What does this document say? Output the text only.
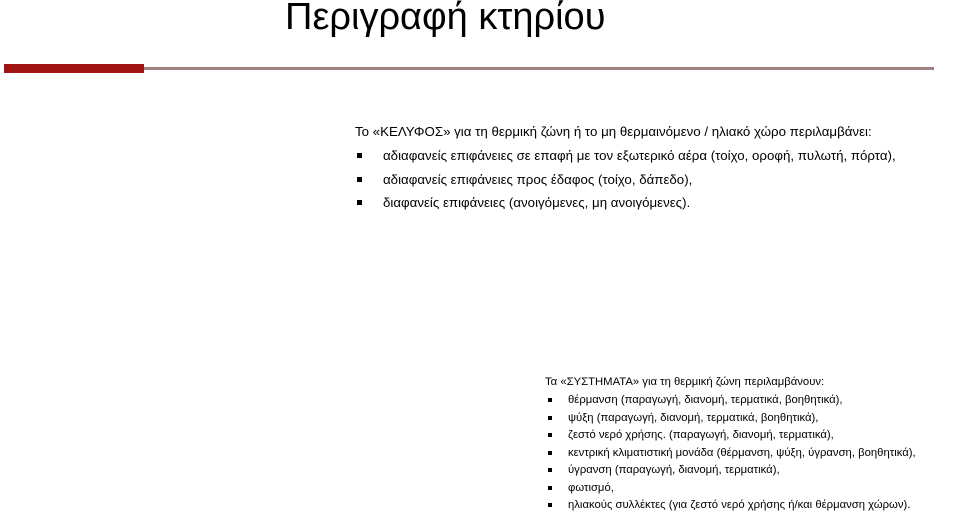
Περιγραφή κτηρίου
Το «ΚΕΛΥΦΟΣ» για τη θερμική ζώνη ή το μη θερμαινόμενο / ηλιακό χώρο περιλαμβάνει:
αδιαφανείς επιφάνειες σε επαφή με τον εξωτερικό αέρα (τοίχο, οροφή, πυλωτή, πόρτα),
αδιαφανείς επιφάνειες προς έδαφος (τοίχο, δάπεδο),
διαφανείς επιφάνειες (ανοιγόμενες, μη ανοιγόμενες).
Τα «ΣΥΣΤΗΜΑΤΑ» για τη θερμική ζώνη περιλαμβάνουν:
θέρμανση (παραγωγή, διανομή, τερματικά, βοηθητικά),
ψύξη (παραγωγή, διανομή, τερματικά, βοηθητικά),
ζεστό νερό χρήσης. (παραγωγή, διανομή, τερματικά),
κεντρική κλιματιστική μονάδα (θέρμανση, ψύξη, ύγρανση, βοηθητικά),
ύγρανση (παραγωγή, διανομή, τερματικά),
φωτισμό,
ηλιακούς συλλέκτες (για ζεστό νερό χρήσης ή/και θέρμανση χώρων).
